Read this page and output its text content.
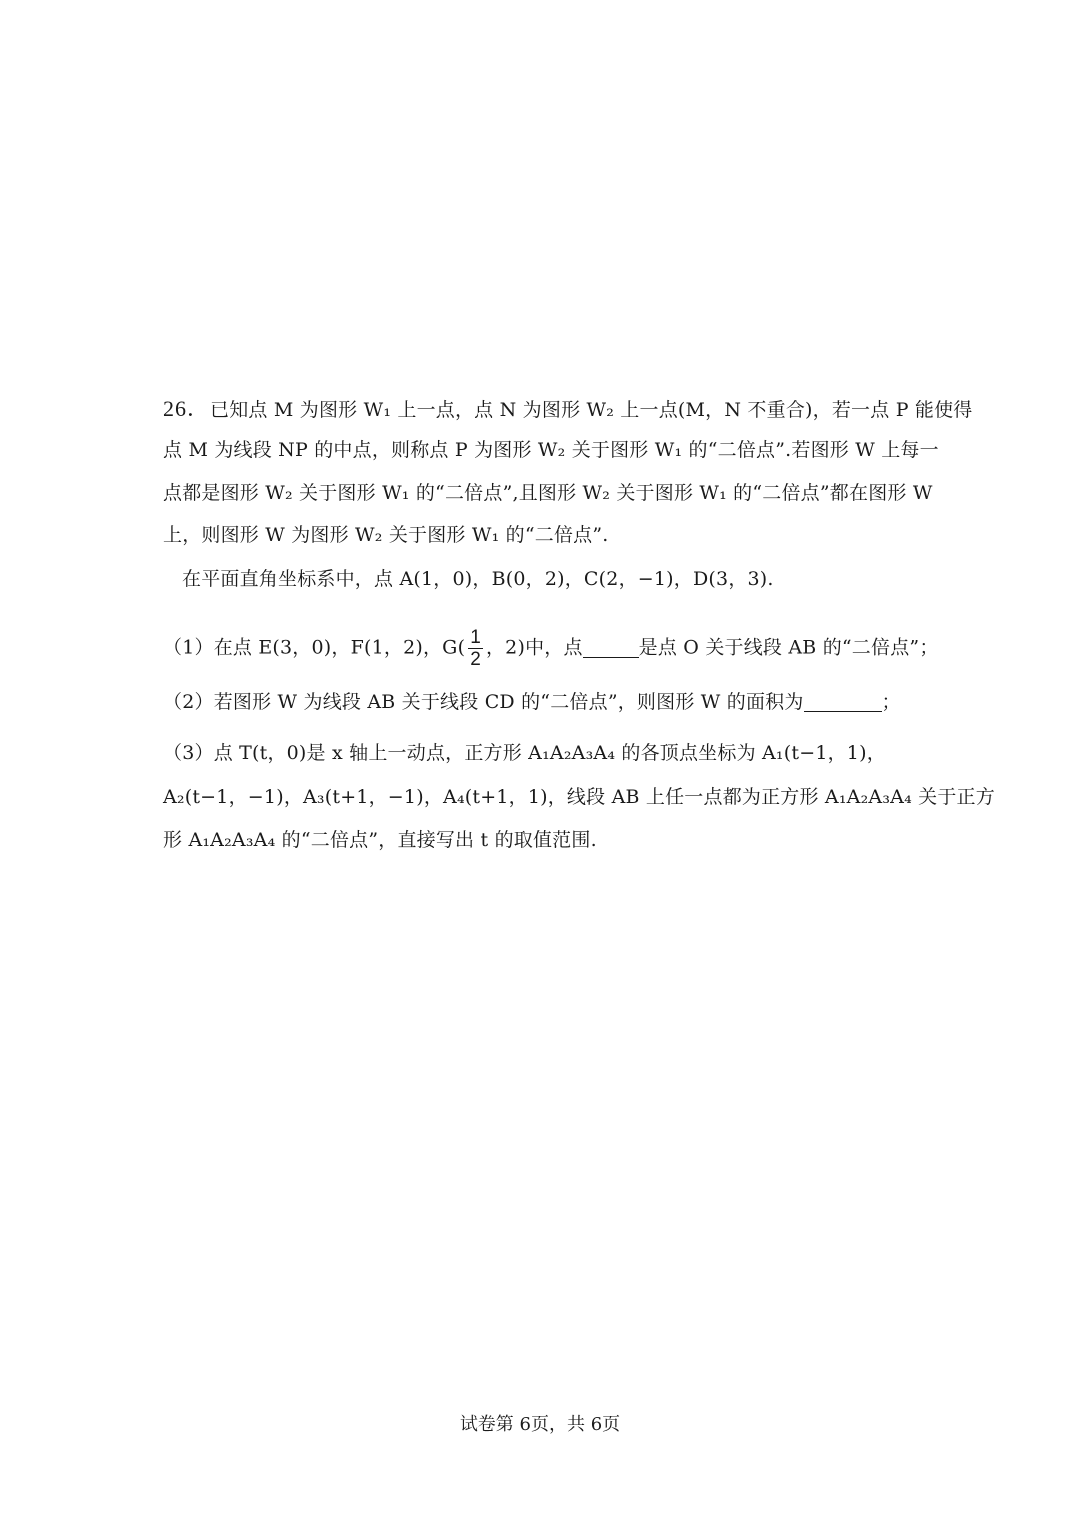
26．已知点 M 为图形 W₁ 上一点，点 N 为图形 W₂ 上一点(M，N 不重合)，若一点 P 能使得
点 M 为线段 NP 的中点，则称点 P 为图形 W₂ 关于图形 W₁ 的“二倍点”.若图形 W 上每一
点都是图形 W₂ 关于图形 W₁ 的“二倍点”,且图形 W₂ 关于图形 W₁ 的“二倍点”都在图形 W
上，则图形 W 为图形 W₂ 关于图形 W₁ 的“二倍点”.
在平面直角坐标系中，点 A(1，0)，B(0，2)，C(2，−1)，D(3，3).
（1）在点 E(3，0)，F(1，2)，$G( \frac{1}{2}$ ，2)中，点	是点 O 关于线段 AB 的“二倍点”；
（2）若图形 W 为线段 AB 关于线段 CD 的“二倍点”，则图形 W 的面积为	；
（3）点 T(t，0)是 x 轴上一动点，正方形 A₁A₂A₃A₄ 的各顶点坐标为 A₁(t−1，1)，
A₂(t−1，−1)，A₃(t+1，−1)，A₄(t+1，1)，线段 AB 上任一点都为正方形 A₁A₂A₃A₄ 关于正方
形 A₁A₂A₃A₄ 的“二倍点”，直接写出 t 的取值范围.
试卷第 6页，共 6页
